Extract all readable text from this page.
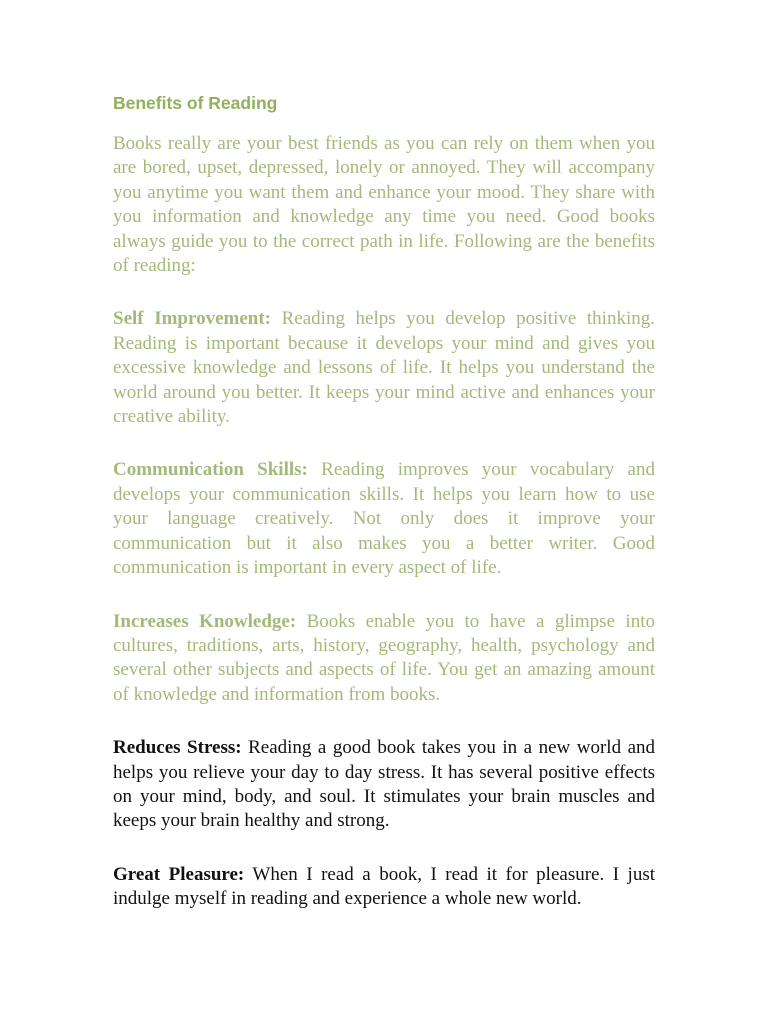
Benefits of Reading

Books really are your best friends as you can rely on them when you are bored, upset, depressed, lonely or annoyed. They will accompany you anytime you want them and enhance your mood. They share with you information and knowledge any time you need. Good books always guide you to the correct path in life. Following are the benefits of reading:

Self Improvement: Reading helps you develop positive thinking. Reading is important because it develops your mind and gives you excessive knowledge and lessons of life. It helps you understand the world around you better. It keeps your mind active and enhances your creative ability.

Communication Skills: Reading improves your vocabulary and develops your communication skills. It helps you learn how to use your language creatively. Not only does it improve your communication but it also makes you a better writer. Good communication is important in every aspect of life.

Increases Knowledge: Books enable you to have a glimpse into cultures, traditions, arts, history, geography, health, psychology and several other subjects and aspects of life. You get an amazing amount of knowledge and information from books.

Reduces Stress: Reading a good book takes you in a new world and helps you relieve your day to day stress. It has several positive effects on your mind, body, and soul. It stimulates your brain muscles and keeps your brain healthy and strong.

Great Pleasure: When I read a book, I read it for pleasure. I just indulge myself in reading and experience a whole new world.
